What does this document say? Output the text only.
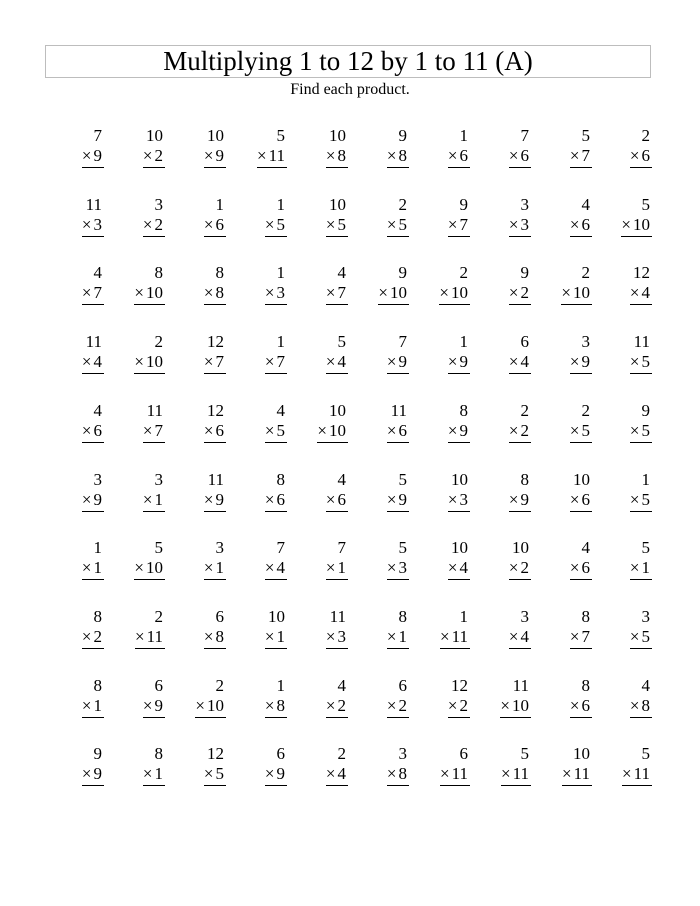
Multiplying 1 to 12 by 1 to 11 (A)
Find each product.
7
× 9
10
× 2
10
× 9
5
× 11
10
× 8
9
× 8
1
× 6
7
× 6
5
× 7
2
× 6
11
× 3
3
× 2
1
× 6
1
× 5
10
× 5
2
× 5
9
× 7
3
× 3
4
× 6
5
× 10
4
× 7
8
× 10
8
× 8
1
× 3
4
× 7
9
× 10
2
× 10
9
× 2
2
× 10
12
× 4
11
× 4
2
× 10
12
× 7
1
× 7
5
× 4
7
× 9
1
× 9
6
× 4
3
× 9
11
× 5
4
× 6
11
× 7
12
× 6
4
× 5
10
× 10
11
× 6
8
× 9
2
× 2
2
× 5
9
× 5
3
× 9
3
× 1
11
× 9
8
× 6
4
× 6
5
× 9
10
× 3
8
× 9
10
× 6
1
× 5
1
× 1
5
× 10
3
× 1
7
× 4
7
× 1
5
× 3
10
× 4
10
× 2
4
× 6
5
× 1
8
× 2
2
× 11
6
× 8
10
× 1
11
× 3
8
× 1
1
× 11
3
× 4
8
× 7
3
× 5
8
× 1
6
× 9
2
× 10
1
× 8
4
× 2
6
× 2
12
× 2
11
× 10
8
× 6
4
× 8
9
× 9
8
× 1
12
× 5
6
× 9
2
× 4
3
× 8
6
× 11
5
× 11
10
× 11
5
× 11
